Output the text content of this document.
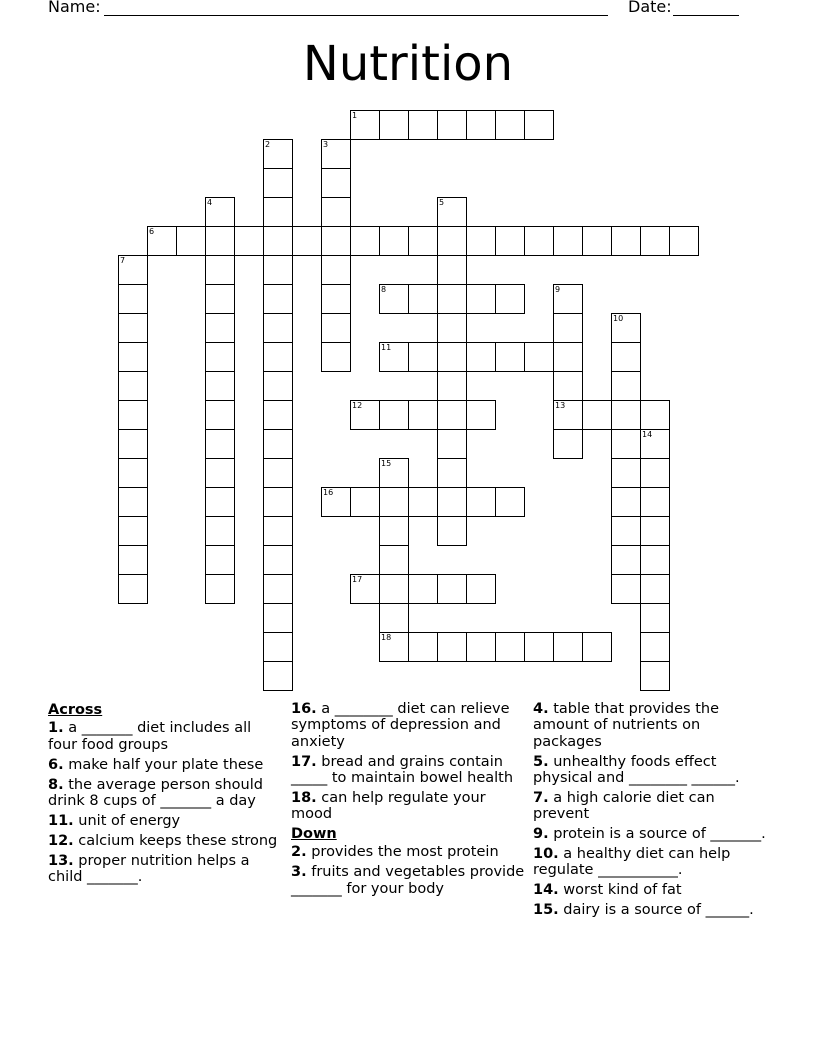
Name:	Date:
Nutrition
1
2	3
4	5
6
7
8	9
10
11
12	13
14
15
16
17
18
Across
1. a _______ diet includes all four food groups
6. make half your plate these
8. the average person should drink 8 cups of _______ a day
11. unit of energy
12. calcium keeps these strong
13. proper nutrition helps a child _______.
16. a ________ diet can relieve symptoms of depression and anxiety
17. bread and grains contain _____ to maintain bowel health
18. can help regulate your mood
Down
2. provides the most protein
3. fruits and vegetables provide _______ for your body
4. table that provides the amount of nutrients on packages
5. unhealthy foods effect physical and ________ ______.
7. a high calorie diet can prevent
9. protein is a source of _______.
10. a healthy diet can help regulate ___________.
14. worst kind of fat
15. dairy is a source of ______.
